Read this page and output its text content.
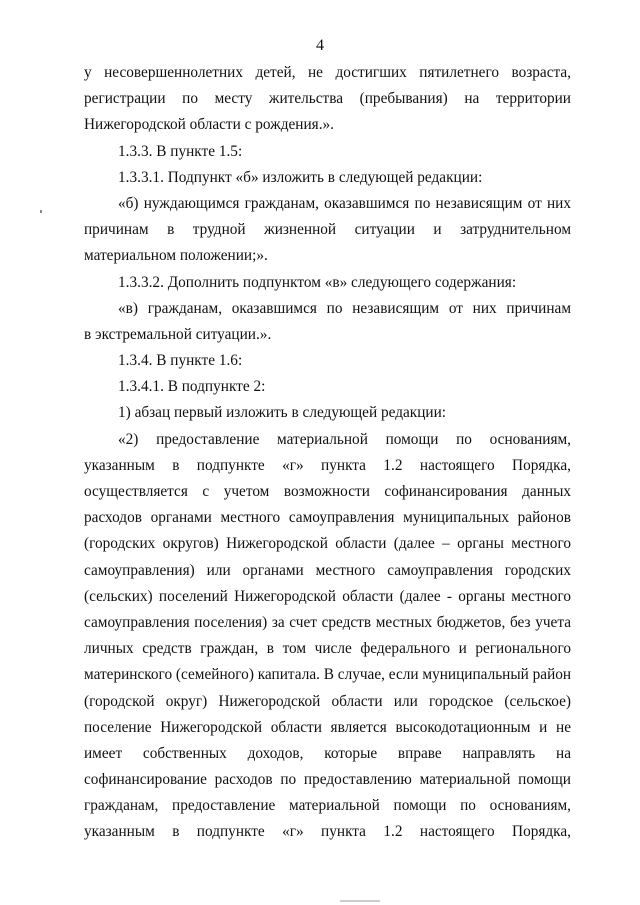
4
у несовершеннолетних детей, не достигших пятилетнего возраста,
регистрации по месту жительства (пребывания) на территории
Нижегородской области с рождения.».
1.3.3. В пункте 1.5:
1.3.3.1. Подпункт «б» изложить в следующей редакции:
«б) нуждающимся гражданам, оказавшимся по независящим от них
причинам в трудной жизненной ситуации и затруднительном
материальном положении;».
1.3.3.2. Дополнить подпунктом «в» следующего содержания:
«в) гражданам, оказавшимся по независящим от них причинам
в экстремальной ситуации.».
1.3.4. В пункте 1.6:
1.3.4.1. В подпункте 2:
1) абзац первый изложить в следующей редакции:
«2) предоставление материальной помощи по основаниям,
указанным в подпункте «г» пункта 1.2 настоящего Порядка,
осуществляется с учетом возможности софинансирования данных
расходов органами местного самоуправления муниципальных районов
(городских округов) Нижегородской области (далее – органы местного
самоуправления) или органами местного самоуправления городских
(сельских) поселений Нижегородской области (далее - органы местного
самоуправления поселения) за счет средств местных бюджетов, без учета
личных средств граждан, в том числе федерального и регионального
материнского (семейного) капитала. В случае, если муниципальный район
(городской округ) Нижегородской области или городское (сельское)
поселение Нижегородской области является высокодотационным и не
имеет собственных доходов, которые вправе направлять на
софинансирование расходов по предоставлению материальной помощи
гражданам, предоставление материальной помощи по основаниям,
указанным в подпункте «г» пункта 1.2 настоящего Порядка,
